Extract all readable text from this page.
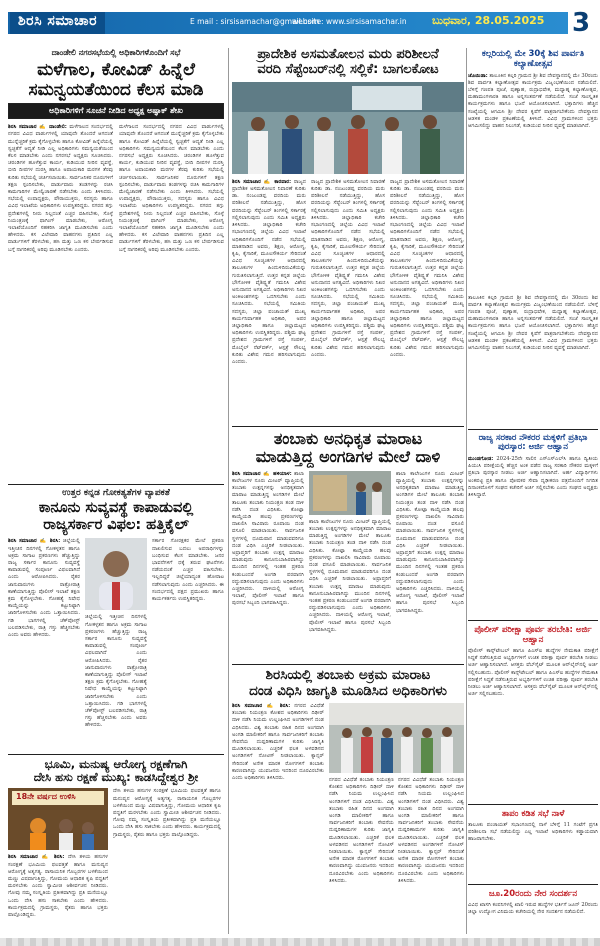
ಶಿರಸಿ ಸಮಾಚಾರ	E mail : sirsisamachar@gmail.com
website: www.sirsisamachar.in ಬುಧವಾರ, 28.05.2025 3
ದಾಂಡೇಲಿ ನಗರಸಭೆಯಲ್ಲಿ ಅಧಿಕಾರಿಗಳೊಂದಿಗೆ ಸಭೆ
ಮಳೆಗಾಲ, ಕೋವಿಡ್ ಹಿನ್ನೆಲೆ
ಸಮನ್ವಯತೆಯಿಂದ ಕೆಲಸ ಮಾಡಿ
ಅಧಿಕಾರಿಗಳಿಗೆ ಸೂಚನೆ ನೀಡಿದ ಅಧ್ಯಕ್ಷ ಅಷ್ಫಾಕ್ ಶೇಖ
ಶಿರಸಿ ಸಮಾಚಾರ ✍ ದಾಂಡೇಲಿ: ಮಳೆಗಾಲದ ಸಂದರ್ಭದಲ್ಲಿ ನಗರದ ವಿವಿಧ ವಾರ್ಡುಗಳಲ್ಲಿ ಯಾವುದೇ ತೊಂದರೆ ಆಗದಂತೆ ಮುನ್ನೆಚ್ಚರಿಕೆ ಕ್ರಮ ಕೈಗೊಳ್ಳಬೇಕು ಹಾಗೂ ಕೋವಿಡ್ ಹಿನ್ನೆಲೆಯಲ್ಲಿ ಸ್ವಚ್ಛತೆಗೆ ಆದ್ಯತೆ ನೀಡಿ ಎಲ್ಲ ಅಧಿಕಾರಿಗಳು ಸಮನ್ವಯತೆಯಿಂದ ಕೆಲಸ ಮಾಡಬೇಕು ಎಂದು ನಗರಸಭೆ ಅಧ್ಯಕ್ಷರು ಸೂಚಿಸಿದರು. ಚರಂಡಿಗಳ ಹೂಳೆತ್ತುವ ಕಾರ್ಯ, ಕುಡಿಯುವ ನೀರಿನ ವ್ಯವಸ್ಥೆ, ಬೀದಿ ದೀಪಗಳ ದುರಸ್ತಿ ಹಾಗೂ ಅಪಾಯಕಾರಿ ಮರಗಳ ತೆರವು ಕುರಿತು ಸಭೆಯಲ್ಲಿ ಚರ್ಚಿಸಲಾಯಿತು. ಸಾರ್ವಜನಿಕರ ದೂರುಗಳಿಗೆ ತಕ್ಷಣ ಸ್ಪಂದಿಸಬೇಕು, ವಾರ್ಡುವಾರು ತಂಡಗಳನ್ನು ರಚಿಸಿ ಕಾಮಗಾರಿಗಳ ಮೇಲ್ವಿಚಾರಣೆ ನಡೆಸಬೇಕು ಎಂದು ತಿಳಿಸಿದರು. ಸಭೆಯಲ್ಲಿ ಉಪಾಧ್ಯಕ್ಷರು, ಪೌರಾಯುಕ್ತರು, ಸದಸ್ಯರು ಹಾಗೂ ವಿವಿಧ ಇಲಾಖೆಯ ಅಧಿಕಾರಿಗಳು ಉಪಸ್ಥಿತರಿದ್ದರು. ನಗರದ ತಗ್ಗು ಪ್ರದೇಶಗಳಲ್ಲಿ ನೀರು ನಿಲ್ಲದಂತೆ ಎಚ್ಚರ ವಹಿಸಬೇಕು, ಸೊಳ್ಳೆ ನಿಯಂತ್ರಣಕ್ಕೆ ಫಾಗಿಂಗ್ ಮಾಡಬೇಕು, ಆರೋಗ್ಯ ಇಲಾಖೆಯೊಂದಿಗೆ ಸಹಕರಿಸಿ ಜಾಗೃತಿ ಮೂಡಿಸಬೇಕು ಎಂದು ಹೇಳಿದರು. ಕಸ ವಿಲೇವಾರಿ ವಾಹನಗಳು ಪ್ರತಿದಿನ ಎಲ್ಲ ವಾರ್ಡುಗಳಿಗೆ ತೆರಳಬೇಕು, ಹಸಿ ಮತ್ತು ಒಣ ಕಸ ಬೇರ್ಪಡಿಸುವ ಬಗ್ಗೆ ನಾಗರಿಕರಲ್ಲಿ ಅರಿವು ಮೂಡಿಸಬೇಕು ಎಂದರು.
ಮಳೆಗಾಲದ ಸಂದರ್ಭದಲ್ಲಿ ನಗರದ ವಿವಿಧ ವಾರ್ಡುಗಳಲ್ಲಿ ಯಾವುದೇ ತೊಂದರೆ ಆಗದಂತೆ ಮುನ್ನೆಚ್ಚರಿಕೆ ಕ್ರಮ ಕೈಗೊಳ್ಳಬೇಕು ಹಾಗೂ ಕೋವಿಡ್ ಹಿನ್ನೆಲೆಯಲ್ಲಿ ಸ್ವಚ್ಛತೆಗೆ ಆದ್ಯತೆ ನೀಡಿ ಎಲ್ಲ ಅಧಿಕಾರಿಗಳು ಸಮನ್ವಯತೆಯಿಂದ ಕೆಲಸ ಮಾಡಬೇಕು ಎಂದು ನಗರಸಭೆ ಅಧ್ಯಕ್ಷರು ಸೂಚಿಸಿದರು. ಚರಂಡಿಗಳ ಹೂಳೆತ್ತುವ ಕಾರ್ಯ, ಕುಡಿಯುವ ನೀರಿನ ವ್ಯವಸ್ಥೆ, ಬೀದಿ ದೀಪಗಳ ದುರಸ್ತಿ ಹಾಗೂ ಅಪಾಯಕಾರಿ ಮರಗಳ ತೆರವು ಕುರಿತು ಸಭೆಯಲ್ಲಿ ಚರ್ಚಿಸಲಾಯಿತು. ಸಾರ್ವಜನಿಕರ ದೂರುಗಳಿಗೆ ತಕ್ಷಣ ಸ್ಪಂದಿಸಬೇಕು, ವಾರ್ಡುವಾರು ತಂಡಗಳನ್ನು ರಚಿಸಿ ಕಾಮಗಾರಿಗಳ ಮೇಲ್ವಿಚಾರಣೆ ನಡೆಸಬೇಕು ಎಂದು ತಿಳಿಸಿದರು. ಸಭೆಯಲ್ಲಿ ಉಪಾಧ್ಯಕ್ಷರು, ಪೌರಾಯುಕ್ತರು, ಸದಸ್ಯರು ಹಾಗೂ ವಿವಿಧ ಇಲಾಖೆಯ ಅಧಿಕಾರಿಗಳು ಉಪಸ್ಥಿತರಿದ್ದರು. ನಗರದ ತಗ್ಗು ಪ್ರದೇಶಗಳಲ್ಲಿ ನೀರು ನಿಲ್ಲದಂತೆ ಎಚ್ಚರ ವಹಿಸಬೇಕು, ಸೊಳ್ಳೆ ನಿಯಂತ್ರಣಕ್ಕೆ ಫಾಗಿಂಗ್ ಮಾಡಬೇಕು, ಆರೋಗ್ಯ ಇಲಾಖೆಯೊಂದಿಗೆ ಸಹಕರಿಸಿ ಜಾಗೃತಿ ಮೂಡಿಸಬೇಕು ಎಂದು ಹೇಳಿದರು. ಕಸ ವಿಲೇವಾರಿ ವಾಹನಗಳು ಪ್ರತಿದಿನ ಎಲ್ಲ ವಾರ್ಡುಗಳಿಗೆ ತೆರಳಬೇಕು, ಹಸಿ ಮತ್ತು ಒಣ ಕಸ ಬೇರ್ಪಡಿಸುವ ಬಗ್ಗೆ ನಾಗರಿಕರಲ್ಲಿ ಅರಿವು ಮೂಡಿಸಬೇಕು ಎಂದರು.
ಉತ್ತರ ಕನ್ನಡ ಗೋಕತ್ಯತೆಗಳ ವ್ಯಾಪಕತೆ
ಕಾನೂನು ಸುವ್ಯವಸ್ಥೆ ಕಾಪಾಡುವಲ್ಲಿ
ರಾಜ್ಯಸರ್ಕಾರ ವಿಫಲ: ಹತ್ತಿಕೈಲ್
ಶಿರಸಿ ಸಮಾಚಾರ ✍ ಶಿರಸಿ: ಜಿಲ್ಲೆಯಲ್ಲಿ ಇತ್ತೀಚಿನ ದಿನಗಳಲ್ಲಿ ಗೋಕಳ್ಳತನ ಹಾಗೂ ಅಕ್ರಮ ಸಾಗಾಟ ಪ್ರಕರಣಗಳು ಹೆಚ್ಚುತ್ತಿದ್ದು ರಾಜ್ಯ ಸರ್ಕಾರ ಕಾನೂನು ಸುವ್ಯವಸ್ಥೆ ಕಾಪಾಡುವಲ್ಲಿ ಸಂಪೂರ್ಣ ವಿಫಲವಾಗಿದೆ ಎಂದು ಆರೋಪಿಸಿದರು. ರೈತರ ಜಾನುವಾರುಗಳು ರಾತ್ರೋರಾತ್ರಿ ಕಾಣೆಯಾಗುತ್ತಿದ್ದು ಪೊಲೀಸ್ ಇಲಾಖೆ ತಕ್ಷಣ ಕ್ರಮ ಕೈಗೊಳ್ಳಬೇಕು. ಗೋಹತ್ಯೆ ನಿಷೇಧ ಕಾಯ್ದೆಯನ್ನು ಕಟ್ಟುನಿಟ್ಟಾಗಿ ಜಾರಿಗೊಳಿಸಬೇಕು ಎಂದು ಒತ್ತಾಯಿಸಿದರು. ಗಡಿ ಭಾಗಗಳಲ್ಲಿ ಚೆಕ್‌ಪೋಸ್ಟ್ ಬಲಪಡಿಸಬೇಕು, ರಾತ್ರಿ ಗಸ್ತು ಹೆಚ್ಚಿಸಬೇಕು ಎಂದು ಅವರು ಹೇಳಿದರು.
ಜಿಲ್ಲೆಯಲ್ಲಿ ಇತ್ತೀಚಿನ ದಿನಗಳಲ್ಲಿ ಗೋಕಳ್ಳತನ ಹಾಗೂ ಅಕ್ರಮ ಸಾಗಾಟ ಪ್ರಕರಣಗಳು ಹೆಚ್ಚುತ್ತಿದ್ದು ರಾಜ್ಯ ಸರ್ಕಾರ ಕಾನೂನು ಸುವ್ಯವಸ್ಥೆ ಕಾಪಾಡುವಲ್ಲಿ ಸಂಪೂರ್ಣ ವಿಫಲವಾಗಿದೆ ಎಂದು ಆರೋಪಿಸಿದರು. ರೈತರ ಜಾನುವಾರುಗಳು ರಾತ್ರೋರಾತ್ರಿ ಕಾಣೆಯಾಗುತ್ತಿದ್ದು ಪೊಲೀಸ್ ಇಲಾಖೆ ತಕ್ಷಣ ಕ್ರಮ ಕೈಗೊಳ್ಳಬೇಕು. ಗೋಹತ್ಯೆ ನಿಷೇಧ ಕಾಯ್ದೆಯನ್ನು ಕಟ್ಟುನಿಟ್ಟಾಗಿ ಜಾರಿಗೊಳಿಸಬೇಕು ಎಂದು ಒತ್ತಾಯಿಸಿದರು. ಗಡಿ ಭಾಗಗಳಲ್ಲಿ ಚೆಕ್‌ಪೋಸ್ಟ್ ಬಲಪಡಿಸಬೇಕು, ರಾತ್ರಿ ಗಸ್ತು ಹೆಚ್ಚಿಸಬೇಕು ಎಂದು ಅವರು ಹೇಳಿದರು.
ಸರ್ಕಾರ ಗೋರಕ್ಷಕರ ಮೇಲೆ ಪ್ರಕರಣ ದಾಖಲಿಸುವ ಬದಲು ಅಪರಾಧಿಗಳನ್ನು ಬಂಧಿಸುವ ಕೆಲಸ ಮಾಡಬೇಕು. ಜನರ ಭಾವನೆಗಳಿಗೆ ಧಕ್ಕೆ ತರುವ ಘಟನೆಗಳು ನಡೆಯದಂತೆ ಎಚ್ಚರ ವಹಿಸಬೇಕು. ಇಲ್ಲದಿದ್ದರೆ ಜಿಲ್ಲೆಯಾದ್ಯಂತ ಹೋರಾಟ ನಡೆಸಲಾಗುವುದು ಎಂದು ಎಚ್ಚರಿಸಿದರು. ಈ ಸಂದರ್ಭದಲ್ಲಿ ಪಕ್ಷದ ಪ್ರಮುಖರು ಹಾಗೂ ಕಾರ್ಯಕರ್ತರು ಉಪಸ್ಥಿತರಿದ್ದರು.
ಭೂಮಿ, ಮನುಷ್ಯ ಆರೋಗ್ಯ ರಕ್ಷಣೆಗಾಗಿ
ದೇಸಿ ಹಸು ರಕ್ಷಣೆ ಮುಖ್ಯ: ಕಾಡಸಿದ್ದೇಶ್ವರ ಶ್ರೀ
18ನೇ ವರ್ಷದ ಉಳಿಸಿ
ಶಿರಸಿ ಸಮಾಚಾರ ✍ ಶಿರಸಿ: ದೇಸಿ ತಳಿಯ ಹಸುಗಳ ಸಂರಕ್ಷಣೆ ಭೂಮಿಯ ಫಲವತ್ತತೆ ಹಾಗೂ ಮನುಷ್ಯನ ಆರೋಗ್ಯಕ್ಕೆ ಅತ್ಯಗತ್ಯ. ರಾಸಾಯನಿಕ ಗೊಬ್ಬರಗಳ ಬಳಕೆಯಿಂದ ಮಣ್ಣು ವಿಷವಾಗುತ್ತಿದ್ದು, ಗೋಮಯ ಆಧಾರಿತ ಕೃಷಿ ಪದ್ಧತಿಗೆ ಮರಳಬೇಕು ಎಂದು ಸ್ವಾಮೀಜಿ ಆಶೀರ್ವಚನ ನೀಡಿದರು. ಗೋವು ನಮ್ಮ ಸಂಸ್ಕೃತಿಯ ಪ್ರತೀಕವಾಗಿದ್ದು ಪ್ರತಿ ಮನೆಯಲ್ಲೂ ಒಂದು ದೇಸಿ ಹಸು ಸಾಕಬೇಕು ಎಂದು ಹೇಳಿದರು. ಕಾರ್ಯಕ್ರಮದಲ್ಲಿ ಗ್ರಾಮಸ್ಥರು, ರೈತರು ಹಾಗೂ ಭಕ್ತರು ಪಾಲ್ಗೊಂಡಿದ್ದರು.
ದೇಸಿ ತಳಿಯ ಹಸುಗಳ ಸಂರಕ್ಷಣೆ ಭೂಮಿಯ ಫಲವತ್ತತೆ ಹಾಗೂ ಮನುಷ್ಯನ ಆರೋಗ್ಯಕ್ಕೆ ಅತ್ಯಗತ್ಯ. ರಾಸಾಯನಿಕ ಗೊಬ್ಬರಗಳ ಬಳಕೆಯಿಂದ ಮಣ್ಣು ವಿಷವಾಗುತ್ತಿದ್ದು, ಗೋಮಯ ಆಧಾರಿತ ಕೃಷಿ ಪದ್ಧತಿಗೆ ಮರಳಬೇಕು ಎಂದು ಸ್ವಾಮೀಜಿ ಆಶೀರ್ವಚನ ನೀಡಿದರು. ಗೋವು ನಮ್ಮ ಸಂಸ್ಕೃತಿಯ ಪ್ರತೀಕವಾಗಿದ್ದು ಪ್ರತಿ ಮನೆಯಲ್ಲೂ ಒಂದು ದೇಸಿ ಹಸು ಸಾಕಬೇಕು ಎಂದು ಹೇಳಿದರು. ಕಾರ್ಯಕ್ರಮದಲ್ಲಿ ಗ್ರಾಮಸ್ಥರು, ರೈತರು ಹಾಗೂ ಭಕ್ತರು ಪಾಲ್ಗೊಂಡಿದ್ದರು.
ಪ್ರಾದೇಶಿಕ ಅಸಮತೋಲನ ಮರು ಪರಿಶೀಲನೆ
ವರದಿ ಸೆಪ್ಟೆಂಬರ್‌ನಲ್ಲಿ ಸಲ್ಲಿಕೆ: ಬಾಗಲಕೋಟ
ಶಿರಸಿ ಸಮಾಚಾರ ✍ ಕಾರವಾರ: ರಾಜ್ಯದ ಪ್ರಾದೇಶಿಕ ಅಸಮತೋಲನ ನಿವಾರಣೆ ಕುರಿತು ಡಾ. ನಂಜುಂಡಪ್ಪ ವರದಿಯ ಮರು ಪರಿಶೀಲನೆ ನಡೆಯುತ್ತಿದ್ದು, ಹೊಸ ವರದಿಯನ್ನು ಸೆಪ್ಟೆಂಬರ್ ತಿಂಗಳಲ್ಲಿ ಸರ್ಕಾರಕ್ಕೆ ಸಲ್ಲಿಸಲಾಗುವುದು ಎಂದು ಸಮಿತಿ ಅಧ್ಯಕ್ಷರು ತಿಳಿಸಿದರು. ಜಿಲ್ಲಾಧಿಕಾರಿ ಕಚೇರಿ ಸಭಾಂಗಣದಲ್ಲಿ ಜಿಲ್ಲೆಯ ವಿವಿಧ ಇಲಾಖೆ ಅಧಿಕಾರಿಗಳೊಂದಿಗೆ ನಡೆದ ಸಭೆಯಲ್ಲಿ ಮಾತನಾಡಿದ ಅವರು, ಶಿಕ್ಷಣ, ಆರೋಗ್ಯ, ಕೃಷಿ, ಕೈಗಾರಿಕೆ, ಮೂಲಸೌಕರ್ಯ ಸೇರಿದಂತೆ ವಿವಿಧ ಸೂಚ್ಯಂಕಗಳ ಆಧಾರದಲ್ಲಿ ತಾಲೂಕುಗಳ ಹಿಂದುಳಿದಿರುವಿಕೆಯನ್ನು ಗುರುತಿಸಲಾಗುತ್ತಿದೆ. ಉತ್ತರ ಕನ್ನಡ ಜಿಲ್ಲೆಯ ಭೌಗೋಳಿಕ ವೈಶಿಷ್ಟ್ಯತೆ ಗಮನಿಸಿ ವಿಶೇಷ ಅನುದಾನದ ಅಗತ್ಯವಿದೆ. ಅಧಿಕಾರಿಗಳು ನಿಖರ ಅಂಕಿಅಂಶಗಳನ್ನು ಒದಗಿಸಬೇಕು ಎಂದು ಸೂಚಿಸಿದರು. ಸಭೆಯಲ್ಲಿ ಸಮಿತಿಯ ಸದಸ್ಯರು, ಜಿಲ್ಲಾ ಪಂಚಾಯತ್ ಮುಖ್ಯ ಕಾರ್ಯನಿರ್ವಾಹಕ ಅಧಿಕಾರಿ, ಅಪರ ಜಿಲ್ಲಾಧಿಕಾರಿ ಹಾಗೂ ಜಿಲ್ಲಾಮಟ್ಟದ ಅಧಿಕಾರಿಗಳು ಉಪಸ್ಥಿತರಿದ್ದರು. ಪಶ್ಚಿಮ ಘಟ್ಟ ಪ್ರದೇಶದ ಗ್ರಾಮಗಳಿಗೆ ರಸ್ತೆ ಸಂಪರ್ಕ, ಮೊಬೈಲ್ ನೆಟ್‌ವರ್ಕ್, ಆಸ್ಪತ್ರೆ ಸೌಲಭ್ಯ ಕುರಿತು ವಿಶೇಷ ಗಮನ ಹರಿಸಲಾಗುವುದು ಎಂದರು.
ರಾಜ್ಯದ ಪ್ರಾದೇಶಿಕ ಅಸಮತೋಲನ ನಿವಾರಣೆ ಕುರಿತು ಡಾ. ನಂಜುಂಡಪ್ಪ ವರದಿಯ ಮರು ಪರಿಶೀಲನೆ ನಡೆಯುತ್ತಿದ್ದು, ಹೊಸ ವರದಿಯನ್ನು ಸೆಪ್ಟೆಂಬರ್ ತಿಂಗಳಲ್ಲಿ ಸರ್ಕಾರಕ್ಕೆ ಸಲ್ಲಿಸಲಾಗುವುದು ಎಂದು ಸಮಿತಿ ಅಧ್ಯಕ್ಷರು ತಿಳಿಸಿದರು. ಜಿಲ್ಲಾಧಿಕಾರಿ ಕಚೇರಿ ಸಭಾಂಗಣದಲ್ಲಿ ಜಿಲ್ಲೆಯ ವಿವಿಧ ಇಲಾಖೆ ಅಧಿಕಾರಿಗಳೊಂದಿಗೆ ನಡೆದ ಸಭೆಯಲ್ಲಿ ಮಾತನಾಡಿದ ಅವರು, ಶಿಕ್ಷಣ, ಆರೋಗ್ಯ, ಕೃಷಿ, ಕೈಗಾರಿಕೆ, ಮೂಲಸೌಕರ್ಯ ಸೇರಿದಂತೆ ವಿವಿಧ ಸೂಚ್ಯಂಕಗಳ ಆಧಾರದಲ್ಲಿ ತಾಲೂಕುಗಳ ಹಿಂದುಳಿದಿರುವಿಕೆಯನ್ನು ಗುರುತಿಸಲಾಗುತ್ತಿದೆ. ಉತ್ತರ ಕನ್ನಡ ಜಿಲ್ಲೆಯ ಭೌಗೋಳಿಕ ವೈಶಿಷ್ಟ್ಯತೆ ಗಮನಿಸಿ ವಿಶೇಷ ಅನುದಾನದ ಅಗತ್ಯವಿದೆ. ಅಧಿಕಾರಿಗಳು ನಿಖರ ಅಂಕಿಅಂಶಗಳನ್ನು ಒದಗಿಸಬೇಕು ಎಂದು ಸೂಚಿಸಿದರು. ಸಭೆಯಲ್ಲಿ ಸಮಿತಿಯ ಸದಸ್ಯರು, ಜಿಲ್ಲಾ ಪಂಚಾಯತ್ ಮುಖ್ಯ ಕಾರ್ಯನಿರ್ವಾಹಕ ಅಧಿಕಾರಿ, ಅಪರ ಜಿಲ್ಲಾಧಿಕಾರಿ ಹಾಗೂ ಜಿಲ್ಲಾಮಟ್ಟದ ಅಧಿಕಾರಿಗಳು ಉಪಸ್ಥಿತರಿದ್ದರು. ಪಶ್ಚಿಮ ಘಟ್ಟ ಪ್ರದೇಶದ ಗ್ರಾಮಗಳಿಗೆ ರಸ್ತೆ ಸಂಪರ್ಕ, ಮೊಬೈಲ್ ನೆಟ್‌ವರ್ಕ್, ಆಸ್ಪತ್ರೆ ಸೌಲಭ್ಯ ಕುರಿತು ವಿಶೇಷ ಗಮನ ಹರಿಸಲಾಗುವುದು ಎಂದರು.
ರಾಜ್ಯದ ಪ್ರಾದೇಶಿಕ ಅಸಮತೋಲನ ನಿವಾರಣೆ ಕುರಿತು ಡಾ. ನಂಜುಂಡಪ್ಪ ವರದಿಯ ಮರು ಪರಿಶೀಲನೆ ನಡೆಯುತ್ತಿದ್ದು, ಹೊಸ ವರದಿಯನ್ನು ಸೆಪ್ಟೆಂಬರ್ ತಿಂಗಳಲ್ಲಿ ಸರ್ಕಾರಕ್ಕೆ ಸಲ್ಲಿಸಲಾಗುವುದು ಎಂದು ಸಮಿತಿ ಅಧ್ಯಕ್ಷರು ತಿಳಿಸಿದರು. ಜಿಲ್ಲಾಧಿಕಾರಿ ಕಚೇರಿ ಸಭಾಂಗಣದಲ್ಲಿ ಜಿಲ್ಲೆಯ ವಿವಿಧ ಇಲಾಖೆ ಅಧಿಕಾರಿಗಳೊಂದಿಗೆ ನಡೆದ ಸಭೆಯಲ್ಲಿ ಮಾತನಾಡಿದ ಅವರು, ಶಿಕ್ಷಣ, ಆರೋಗ್ಯ, ಕೃಷಿ, ಕೈಗಾರಿಕೆ, ಮೂಲಸೌಕರ್ಯ ಸೇರಿದಂತೆ ವಿವಿಧ ಸೂಚ್ಯಂಕಗಳ ಆಧಾರದಲ್ಲಿ ತಾಲೂಕುಗಳ ಹಿಂದುಳಿದಿರುವಿಕೆಯನ್ನು ಗುರುತಿಸಲಾಗುತ್ತಿದೆ. ಉತ್ತರ ಕನ್ನಡ ಜಿಲ್ಲೆಯ ಭೌಗೋಳಿಕ ವೈಶಿಷ್ಟ್ಯತೆ ಗಮನಿಸಿ ವಿಶೇಷ ಅನುದಾನದ ಅಗತ್ಯವಿದೆ. ಅಧಿಕಾರಿಗಳು ನಿಖರ ಅಂಕಿಅಂಶಗಳನ್ನು ಒದಗಿಸಬೇಕು ಎಂದು ಸೂಚಿಸಿದರು. ಸಭೆಯಲ್ಲಿ ಸಮಿತಿಯ ಸದಸ್ಯರು, ಜಿಲ್ಲಾ ಪಂಚಾಯತ್ ಮುಖ್ಯ ಕಾರ್ಯನಿರ್ವಾಹಕ ಅಧಿಕಾರಿ, ಅಪರ ಜಿಲ್ಲಾಧಿಕಾರಿ ಹಾಗೂ ಜಿಲ್ಲಾಮಟ್ಟದ ಅಧಿಕಾರಿಗಳು ಉಪಸ್ಥಿತರಿದ್ದರು. ಪಶ್ಚಿಮ ಘಟ್ಟ ಪ್ರದೇಶದ ಗ್ರಾಮಗಳಿಗೆ ರಸ್ತೆ ಸಂಪರ್ಕ, ಮೊಬೈಲ್ ನೆಟ್‌ವರ್ಕ್, ಆಸ್ಪತ್ರೆ ಸೌಲಭ್ಯ ಕುರಿತು ವಿಶೇಷ ಗಮನ ಹರಿಸಲಾಗುವುದು ಎಂದರು.
ತಂಬಾಕು ಅನಧಿಕೃತ ಮಾರಾಟ
ಮಾಡುತ್ತಿದ್ದ ಅಂಗಡಿಗಳ ಮೇಲೆ ದಾಳಿ
ಶಿರಸಿ ಸಮಾಚಾರ ✍ ಹಳಿಯಾಳ: ಶಾಲಾ ಕಾಲೇಜುಗಳ ನೂರು ಮೀಟರ್ ವ್ಯಾಪ್ತಿಯಲ್ಲಿ ತಂಬಾಕು ಉತ್ಪನ್ನಗಳನ್ನು ಅನಧಿಕೃತವಾಗಿ ಮಾರಾಟ ಮಾಡುತ್ತಿದ್ದ ಅಂಗಡಿಗಳ ಮೇಲೆ ತಾಲೂಕು ತಂಬಾಕು ನಿಯಂತ್ರಣ ತಂಡ ದಾಳಿ ನಡೆಸಿ ದಂಡ ವಿಧಿಸಿತು. ಕೋಟ್ಪಾ ಕಾಯ್ದೆಯಡಿ ಹಲವು ಪ್ರಕರಣಗಳನ್ನು ದಾಖಲಿಸಿ ಸಾವಿರಾರು ರೂಪಾಯಿ ದಂಡ ವಸೂಲಿ ಮಾಡಲಾಯಿತು. ಸಾರ್ವಜನಿಕ ಸ್ಥಳಗಳಲ್ಲಿ ಧೂಮಪಾನ ಮಾಡುವವರಿಗೂ ದಂಡ ವಿಧಿಸಿ ಎಚ್ಚರಿಕೆ ನೀಡಲಾಯಿತು. ಅಪ್ರಾಪ್ತರಿಗೆ ತಂಬಾಕು ಉತ್ಪನ್ನ ಮಾರಾಟ ಮಾಡುವುದು ಕಾನೂನುಬಾಹಿರವಾಗಿದ್ದು ಮುಂದಿನ ದಿನಗಳಲ್ಲಿ ಇಂತಹ ಪ್ರಕರಣ ಕಂಡುಬಂದರೆ ಅಂಗಡಿ ಪರವಾನಗಿ ರದ್ದುಪಡಿಸಲಾಗುವುದು ಎಂದು ಅಧಿಕಾರಿಗಳು ಎಚ್ಚರಿಸಿದರು. ದಾಳಿಯಲ್ಲಿ ಆರೋಗ್ಯ ಇಲಾಖೆ, ಪೊಲೀಸ್ ಇಲಾಖೆ ಹಾಗೂ ಪುರಸಭೆ ಸಿಬ್ಬಂದಿ ಭಾಗವಹಿಸಿದ್ದರು.
ಶಾಲಾ ಕಾಲೇಜುಗಳ ನೂರು ಮೀಟರ್ ವ್ಯಾಪ್ತಿಯಲ್ಲಿ ತಂಬಾಕು ಉತ್ಪನ್ನಗಳನ್ನು ಅನಧಿಕೃತವಾಗಿ ಮಾರಾಟ ಮಾಡುತ್ತಿದ್ದ ಅಂಗಡಿಗಳ ಮೇಲೆ ತಾಲೂಕು ತಂಬಾಕು ನಿಯಂತ್ರಣ ತಂಡ ದಾಳಿ ನಡೆಸಿ ದಂಡ ವಿಧಿಸಿತು. ಕೋಟ್ಪಾ ಕಾಯ್ದೆಯಡಿ ಹಲವು ಪ್ರಕರಣಗಳನ್ನು ದಾಖಲಿಸಿ ಸಾವಿರಾರು ರೂಪಾಯಿ ದಂಡ ವಸೂಲಿ ಮಾಡಲಾಯಿತು. ಸಾರ್ವಜನಿಕ ಸ್ಥಳಗಳಲ್ಲಿ ಧೂಮಪಾನ ಮಾಡುವವರಿಗೂ ದಂಡ ವಿಧಿಸಿ ಎಚ್ಚರಿಕೆ ನೀಡಲಾಯಿತು. ಅಪ್ರಾಪ್ತರಿಗೆ ತಂಬಾಕು ಉತ್ಪನ್ನ ಮಾರಾಟ ಮಾಡುವುದು ಕಾನೂನುಬಾಹಿರವಾಗಿದ್ದು ಮುಂದಿನ ದಿನಗಳಲ್ಲಿ ಇಂತಹ ಪ್ರಕರಣ ಕಂಡುಬಂದರೆ ಅಂಗಡಿ ಪರವಾನಗಿ ರದ್ದುಪಡಿಸಲಾಗುವುದು ಎಂದು ಅಧಿಕಾರಿಗಳು ಎಚ್ಚರಿಸಿದರು. ದಾಳಿಯಲ್ಲಿ ಆರೋಗ್ಯ ಇಲಾಖೆ, ಪೊಲೀಸ್ ಇಲಾಖೆ ಹಾಗೂ ಪುರಸಭೆ ಸಿಬ್ಬಂದಿ ಭಾಗವಹಿಸಿದ್ದರು.
ಶಾಲಾ ಕಾಲೇಜುಗಳ ನೂರು ಮೀಟರ್ ವ್ಯಾಪ್ತಿಯಲ್ಲಿ ತಂಬಾಕು ಉತ್ಪನ್ನಗಳನ್ನು ಅನಧಿಕೃತವಾಗಿ ಮಾರಾಟ ಮಾಡುತ್ತಿದ್ದ ಅಂಗಡಿಗಳ ಮೇಲೆ ತಾಲೂಕು ತಂಬಾಕು ನಿಯಂತ್ರಣ ತಂಡ ದಾಳಿ ನಡೆಸಿ ದಂಡ ವಿಧಿಸಿತು. ಕೋಟ್ಪಾ ಕಾಯ್ದೆಯಡಿ ಹಲವು ಪ್ರಕರಣಗಳನ್ನು ದಾಖಲಿಸಿ ಸಾವಿರಾರು ರೂಪಾಯಿ ದಂಡ ವಸೂಲಿ ಮಾಡಲಾಯಿತು. ಸಾರ್ವಜನಿಕ ಸ್ಥಳಗಳಲ್ಲಿ ಧೂಮಪಾನ ಮಾಡುವವರಿಗೂ ದಂಡ ವಿಧಿಸಿ ಎಚ್ಚರಿಕೆ ನೀಡಲಾಯಿತು. ಅಪ್ರಾಪ್ತರಿಗೆ ತಂಬಾಕು ಉತ್ಪನ್ನ ಮಾರಾಟ ಮಾಡುವುದು ಕಾನೂನುಬಾಹಿರವಾಗಿದ್ದು ಮುಂದಿನ ದಿನಗಳಲ್ಲಿ ಇಂತಹ ಪ್ರಕರಣ ಕಂಡುಬಂದರೆ ಅಂಗಡಿ ಪರವಾನಗಿ ರದ್ದುಪಡಿಸಲಾಗುವುದು ಎಂದು ಅಧಿಕಾರಿಗಳು ಎಚ್ಚರಿಸಿದರು. ದಾಳಿಯಲ್ಲಿ ಆರೋಗ್ಯ ಇಲಾಖೆ, ಪೊಲೀಸ್ ಇಲಾಖೆ ಹಾಗೂ ಪುರಸಭೆ ಸಿಬ್ಬಂದಿ ಭಾಗವಹಿಸಿದ್ದರು.
ಶಿರಸಿಯಲ್ಲಿ ತಂಬಾಕು ಅಕ್ರಮ ಮಾರಾಟ
ದಂಡ ವಿಧಿಸಿ ಜಾಗೃತಿ ಮೂಡಿಸಿದ ಅಧಿಕಾರಿಗಳು
ಶಿರಸಿ ಸಮಾಚಾರ ✍ ಶಿರಸಿ: ನಗರದ ವಿವಿಧೆಡೆ ತಂಬಾಕು ನಿಯಂತ್ರಣ ಕೋಶದ ಅಧಿಕಾರಿಗಳು ದಿಢೀರ್ ದಾಳಿ ನಡೆಸಿ ನಿಯಮ ಉಲ್ಲಂಘಿಸಿದ ಅಂಗಡಿಗಳಿಗೆ ದಂಡ ವಿಧಿಸಿದರು. ವಿಶ್ವ ತಂಬಾಕು ರಹಿತ ದಿನದ ಅಂಗವಾಗಿ ಅಂಗಡಿ ಮಾಲೀಕರಿಗೆ ಹಾಗೂ ಸಾರ್ವಜನಿಕರಿಗೆ ತಂಬಾಕು ಸೇವನೆಯ ದುಷ್ಪರಿಣಾಮಗಳ ಕುರಿತು ಜಾಗೃತಿ ಮೂಡಿಸಲಾಯಿತು. ಎಚ್ಚರಿಕೆ ಫಲಕ ಅಳವಡಿಸದ ಅಂಗಡಿಗಳಿಗೆ ನೋಟಿಸ್ ನೀಡಲಾಯಿತು. ಕ್ಯಾನ್ಸರ್ ಸೇರಿದಂತೆ ಅನೇಕ ಮಾರಕ ರೋಗಗಳಿಗೆ ತಂಬಾಕು ಕಾರಣವಾಗಿದ್ದು ಯುವಜನರು ಇದರಿಂದ ದೂರವಿರಬೇಕು ಎಂದು ಅಧಿಕಾರಿಗಳು ತಿಳಿಸಿದರು.	ನಗರದ ವಿವಿಧೆಡೆ ತಂಬಾಕು ನಿಯಂತ್ರಣ ಕೋಶದ ಅಧಿಕಾರಿಗಳು ದಿಢೀರ್ ದಾಳಿ ನಡೆಸಿ ನಿಯಮ ಉಲ್ಲಂಘಿಸಿದ ಅಂಗಡಿಗಳಿಗೆ ದಂಡ ವಿಧಿಸಿದರು. ವಿಶ್ವ ತಂಬಾಕು ರಹಿತ ದಿನದ ಅಂಗವಾಗಿ ಅಂಗಡಿ ಮಾಲೀಕರಿಗೆ ಹಾಗೂ ಸಾರ್ವಜನಿಕರಿಗೆ ತಂಬಾಕು ಸೇವನೆಯ ದುಷ್ಪರಿಣಾಮಗಳ ಕುರಿತು ಜಾಗೃತಿ ಮೂಡಿಸಲಾಯಿತು. ಎಚ್ಚರಿಕೆ ಫಲಕ ಅಳವಡಿಸದ ಅಂಗಡಿಗಳಿಗೆ ನೋಟಿಸ್ ನೀಡಲಾಯಿತು. ಕ್ಯಾನ್ಸರ್ ಸೇರಿದಂತೆ ಅನೇಕ ಮಾರಕ ರೋಗಗಳಿಗೆ ತಂಬಾಕು ಕಾರಣವಾಗಿದ್ದು ಯುವಜನರು ಇದರಿಂದ ದೂರವಿರಬೇಕು ಎಂದು ಅಧಿಕಾರಿಗಳು ತಿಳಿಸಿದರು.
ನಗರದ ವಿವಿಧೆಡೆ ತಂಬಾಕು ನಿಯಂತ್ರಣ ಕೋಶದ ಅಧಿಕಾರಿಗಳು ದಿಢೀರ್ ದಾಳಿ ನಡೆಸಿ ನಿಯಮ ಉಲ್ಲಂಘಿಸಿದ ಅಂಗಡಿಗಳಿಗೆ ದಂಡ ವಿಧಿಸಿದರು. ವಿಶ್ವ ತಂಬಾಕು ರಹಿತ ದಿನದ ಅಂಗವಾಗಿ ಅಂಗಡಿ ಮಾಲೀಕರಿಗೆ ಹಾಗೂ ಸಾರ್ವಜನಿಕರಿಗೆ ತಂಬಾಕು ಸೇವನೆಯ ದುಷ್ಪರಿಣಾಮಗಳ ಕುರಿತು ಜಾಗೃತಿ ಮೂಡಿಸಲಾಯಿತು. ಎಚ್ಚರಿಕೆ ಫಲಕ ಅಳವಡಿಸದ ಅಂಗಡಿಗಳಿಗೆ ನೋಟಿಸ್ ನೀಡಲಾಯಿತು. ಕ್ಯಾನ್ಸರ್ ಸೇರಿದಂತೆ ಅನೇಕ ಮಾರಕ ರೋಗಗಳಿಗೆ ತಂಬಾಕು ಕಾರಣವಾಗಿದ್ದು ಯುವಜನರು ಇದರಿಂದ ದೂರವಿರಬೇಕು ಎಂದು ಅಧಿಕಾರಿಗಳು ತಿಳಿಸಿದರು.
ಕಲ್ಗರಿಯಲ್ಲಿ ಮೇ 30ಕ್ಕೆ ಶಿವ ಪಾರ್ವತಿ ಕಲ್ಯಾಣೋತ್ಸವ
ಜೊಯಿಡಾ: ತಾಲೂಕಿನ ಕಲ್ಗರಿ ಗ್ರಾಮದ ಶ್ರೀ ಶಿವ ದೇವಸ್ಥಾನದಲ್ಲಿ ಮೇ 30ರಂದು ಶಿವ ಪಾರ್ವತಿ ಕಲ್ಯಾಣೋತ್ಸವ ಕಾರ್ಯಕ್ರಮ ವಿಜೃಂಭಣೆಯಿಂದ ನಡೆಯಲಿದೆ. ಬೆಳಿಗ್ಗೆ ಗಣಪತಿ ಪೂಜೆ, ಪುಣ್ಯಾಹ, ರುದ್ರಾಭಿಷೇಕ, ಮಧ್ಯಾಹ್ನ ಕಲ್ಯಾಣೋತ್ಸವ, ಮಹಾಮಂಗಳಾರತಿ ಹಾಗೂ ಅನ್ನಸಂತರ್ಪಣೆ ನಡೆಯಲಿದೆ. ಸಂಜೆ ಸಾಂಸ್ಕೃತಿಕ ಕಾರ್ಯಕ್ರಮಗಳು ಹಾಗೂ ಭಜನೆ ಆಯೋಜಿಸಲಾಗಿದೆ. ಭಕ್ತಾದಿಗಳು ಹೆಚ್ಚಿನ ಸಂಖ್ಯೆಯಲ್ಲಿ ಆಗಮಿಸಿ ಶ್ರೀ ದೇವರ ಕೃಪೆಗೆ ಪಾತ್ರರಾಗಬೇಕೆಂದು ದೇವಸ್ಥಾನದ ಆಡಳಿತ ಮಂಡಳಿ ಪ್ರಕಟಣೆಯಲ್ಲಿ ತಿಳಿಸಿದೆ. ವಿವಿಧ ಗ್ರಾಮಗಳಿಂದ ಭಕ್ತರು ಆಗಮಿಸಲಿದ್ದು ವಾಹನ ನಿಲುಗಡೆ, ಕುಡಿಯುವ ನೀರಿನ ವ್ಯವಸ್ಥೆ ಮಾಡಲಾಗಿದೆ.
ತಾಲೂಕಿನ ಕಲ್ಗರಿ ಗ್ರಾಮದ ಶ್ರೀ ಶಿವ ದೇವಸ್ಥಾನದಲ್ಲಿ ಮೇ 30ರಂದು ಶಿವ ಪಾರ್ವತಿ ಕಲ್ಯಾಣೋತ್ಸವ ಕಾರ್ಯಕ್ರಮ ವಿಜೃಂಭಣೆಯಿಂದ ನಡೆಯಲಿದೆ. ಬೆಳಿಗ್ಗೆ ಗಣಪತಿ ಪೂಜೆ, ಪುಣ್ಯಾಹ, ರುದ್ರಾಭಿಷೇಕ, ಮಧ್ಯಾಹ್ನ ಕಲ್ಯಾಣೋತ್ಸವ, ಮಹಾಮಂಗಳಾರತಿ ಹಾಗೂ ಅನ್ನಸಂತರ್ಪಣೆ ನಡೆಯಲಿದೆ. ಸಂಜೆ ಸಾಂಸ್ಕೃತಿಕ ಕಾರ್ಯಕ್ರಮಗಳು ಹಾಗೂ ಭಜನೆ ಆಯೋಜಿಸಲಾಗಿದೆ. ಭಕ್ತಾದಿಗಳು ಹೆಚ್ಚಿನ ಸಂಖ್ಯೆಯಲ್ಲಿ ಆಗಮಿಸಿ ಶ್ರೀ ದೇವರ ಕೃಪೆಗೆ ಪಾತ್ರರಾಗಬೇಕೆಂದು ದೇವಸ್ಥಾನದ ಆಡಳಿತ ಮಂಡಳಿ ಪ್ರಕಟಣೆಯಲ್ಲಿ ತಿಳಿಸಿದೆ. ವಿವಿಧ ಗ್ರಾಮಗಳಿಂದ ಭಕ್ತರು ಆಗಮಿಸಲಿದ್ದು ವಾಹನ ನಿಲುಗಡೆ, ಕುಡಿಯುವ ನೀರಿನ ವ್ಯವಸ್ಥೆ ಮಾಡಲಾಗಿದೆ.
ರಾಜ್ಯ ಸರಕಾರ ನೌಕರರ ಮಕ್ಕಳಿಗೆ ಪ್ರತಿಭಾ ಪುರಸ್ಕಾರ: ಅರ್ಜಿ ಆಹ್ವಾನ
ಮುಂಡಗೋಡ: 2024-25ನೇ ಸಾಲಿನ ಎಸ್ಎಸ್ಎಲ್‌ಸಿ ಹಾಗೂ ದ್ವಿತೀಯ ಪಿಯುಸಿ ಪರೀಕ್ಷೆಯಲ್ಲಿ ಹೆಚ್ಚಿನ ಅಂಕ ಪಡೆದ ರಾಜ್ಯ ಸರಕಾರಿ ನೌಕರರ ಮಕ್ಕಳಿಗೆ ಪ್ರತಿಭಾ ಪುರಸ್ಕಾರ ನೀಡಲು ಅರ್ಜಿ ಆಹ್ವಾನಿಸಲಾಗಿದೆ. ಅರ್ಹ ವಿದ್ಯಾರ್ಥಿಗಳು ಅಂಕಪಟ್ಟಿ ಪ್ರತಿ ಹಾಗೂ ಪೋಷಕರ ಸೇವಾ ದೃಢೀಕರಣ ಪತ್ರದೊಂದಿಗೆ ನಿಗದಿತ ದಿನಾಂಕದೊಳಗೆ ಸಂಘದ ಕಚೇರಿಗೆ ಅರ್ಜಿ ಸಲ್ಲಿಸಬೇಕು ಎಂದು ಸಂಘದ ಅಧ್ಯಕ್ಷರು ತಿಳಿಸಿದ್ದಾರೆ.
ಪೊಲೀಸ್ ಪರೀಕ್ಷಾ ಪೂರ್ವ ತರಬೇತಿ: ಅರ್ಜಿ ಆಹ್ವಾನ
ಪೊಲೀಸ್ ಕಾನ್ಸ್‌ಟೇಬಲ್ ಹಾಗೂ ಪಿಎಸ್ಐ ಹುದ್ದೆಗಳ ನೇಮಕಾತಿ ಪರೀಕ್ಷೆಗೆ ಸಿದ್ಧತೆ ನಡೆಸುತ್ತಿರುವ ಅಭ್ಯರ್ಥಿಗಳಿಗೆ ಉಚಿತ ಪರೀಕ್ಷಾ ಪೂರ್ವ ತರಬೇತಿ ನೀಡಲು ಅರ್ಜಿ ಆಹ್ವಾನಿಸಲಾಗಿದೆ. ಆಸಕ್ತರು ವೆಬ್‌ಸೈಟ್ ಮೂಲಕ ಆನ್‌ಲೈನ್‌ನಲ್ಲಿ ಅರ್ಜಿ ಸಲ್ಲಿಸಬಹುದು. ಪೊಲೀಸ್ ಕಾನ್ಸ್‌ಟೇಬಲ್ ಹಾಗೂ ಪಿಎಸ್ಐ ಹುದ್ದೆಗಳ ನೇಮಕಾತಿ ಪರೀಕ್ಷೆಗೆ ಸಿದ್ಧತೆ ನಡೆಸುತ್ತಿರುವ ಅಭ್ಯರ್ಥಿಗಳಿಗೆ ಉಚಿತ ಪರೀಕ್ಷಾ ಪೂರ್ವ ತರಬೇತಿ ನೀಡಲು ಅರ್ಜಿ ಆಹ್ವಾನಿಸಲಾಗಿದೆ. ಆಸಕ್ತರು ವೆಬ್‌ಸೈಟ್ ಮೂಲಕ ಆನ್‌ಲೈನ್‌ನಲ್ಲಿ ಅರ್ಜಿ ಸಲ್ಲಿಸಬಹುದು.
ತಾಪಂ ಕಡಿತ ಸಭೆ ನಾಳೆ
ತಾಲೂಕು ಪಂಚಾಯತ್ ಸಭಾಂಗಣದಲ್ಲಿ ನಾಳೆ ಬೆಳಿಗ್ಗೆ 11 ಗಂಟೆಗೆ ಪ್ರಗತಿ ಪರಿಶೀಲನಾ ಸಭೆ ನಡೆಯಲಿದ್ದು ಎಲ್ಲ ಇಲಾಖೆ ಅಧಿಕಾರಿಗಳು ಕಡ್ಡಾಯವಾಗಿ ಹಾಜರಾಗಬೇಕು.
ಜೂ.20ರಂದು ನೇರ ಸಂದರ್ಶನ
ವಿವಿಧ ಖಾಸಗಿ ಕಂಪನಿಗಳಲ್ಲಿ ಖಾಲಿ ಇರುವ ಹುದ್ದೆಗಳ ಭರ್ತಿಗೆ ಜೂನ್ 20ರಂದು ಜಿಲ್ಲಾ ಉದ್ಯೋಗ ವಿನಿಮಯ ಕಚೇರಿಯಲ್ಲಿ ನೇರ ಸಂದರ್ಶನ ನಡೆಯಲಿದೆ.
